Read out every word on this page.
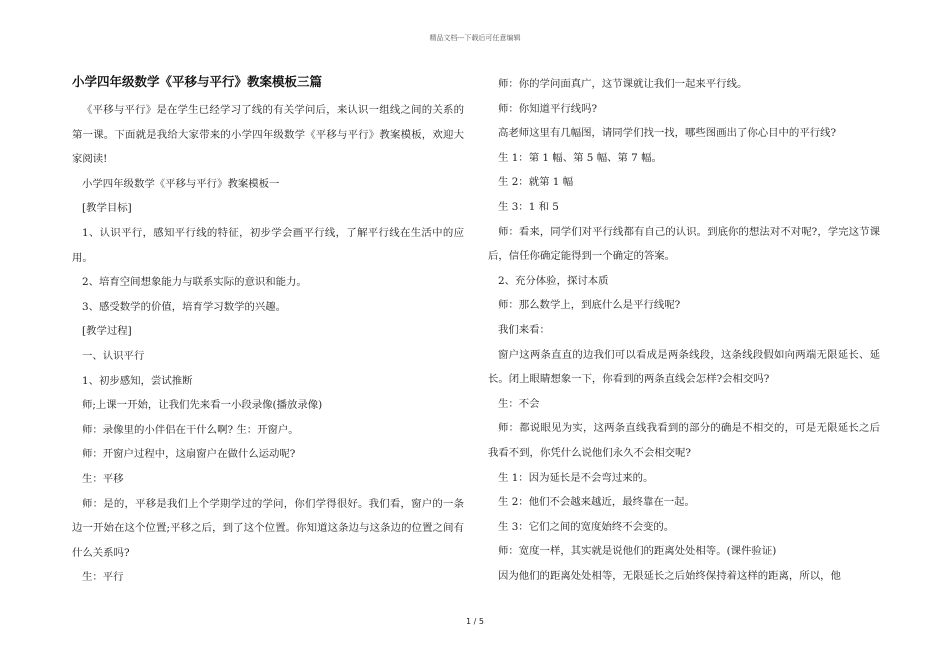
精品文档---下载后可任意编辑
小学四年级数学《平移与平行》教案模板三篇

《平移与平行》是在学生已经学习了线的有关学问后，来认识一组线之间的关系的第一课。下面就是我给大家带来的小学四年级数学《平移与平行》教案模板，欢迎大家阅读!

小学四年级数学《平移与平行》教案模板一

[教学目标]

1、认识平行，感知平行线的特征，初步学会画平行线，了解平行线在生活中的应用。

2、培育空间想象能力与联系实际的意识和能力。

3、感受数学的价值，培育学习数学的兴趣。

[教学过程]

一、认识平行

1、初步感知，尝试推断

师;上课一开始，让我们先来看一小段录像(播放录像)

师：录像里的小伴侣在干什么啊? 生：开窗户。

师：开窗户过程中，这扇窗户在做什么运动呢?

生：平移

师：是的，平移是我们上个学期学过的学问，你们学得很好。我们看，窗户的一条边一开始在这个位置;平移之后，到了这个位置。你知道这条边与这条边的位置之间有什么关系吗?

生：平行

师：你的学问面真广，这节课就让我们一起来平行线。

师：你知道平行线吗?

高老师这里有几幅图，请同学们找一找，哪些图画出了你心目中的平行线?

生 1：第 1 幅、第 5 幅、第 7 幅。

生 2：就第 1 幅

生 3：1 和 5

师：看来，同学们对平行线都有自己的认识。到底你的想法对不对呢?，学完这节课后，信任你确定能得到一个确定的答案。

2、充分体验，探讨本质

师：那么数学上，到底什么是平行线呢?

我们来看：

窗户这两条直直的边我们可以看成是两条线段，这条线段假如向两端无限延长、延长。闭上眼睛想象一下，你看到的两条直线会怎样?会相交吗?

生：不会

师：都说眼见为实，这两条直线我看到的部分的确是不相交的，可是无限延长之后我看不到，你凭什么说他们永久不会相交呢?

生 1：因为延长是不会弯过来的。

生 2：他们不会越来越近，最终靠在一起。

生 3：它们之间的宽度始终不会变的。

师：宽度一样，其实就是说他们的距离处处相等。(课件验证)

因为他们的距离处处相等，无限延长之后始终保持着这样的距离，所以，他

1 / 5
